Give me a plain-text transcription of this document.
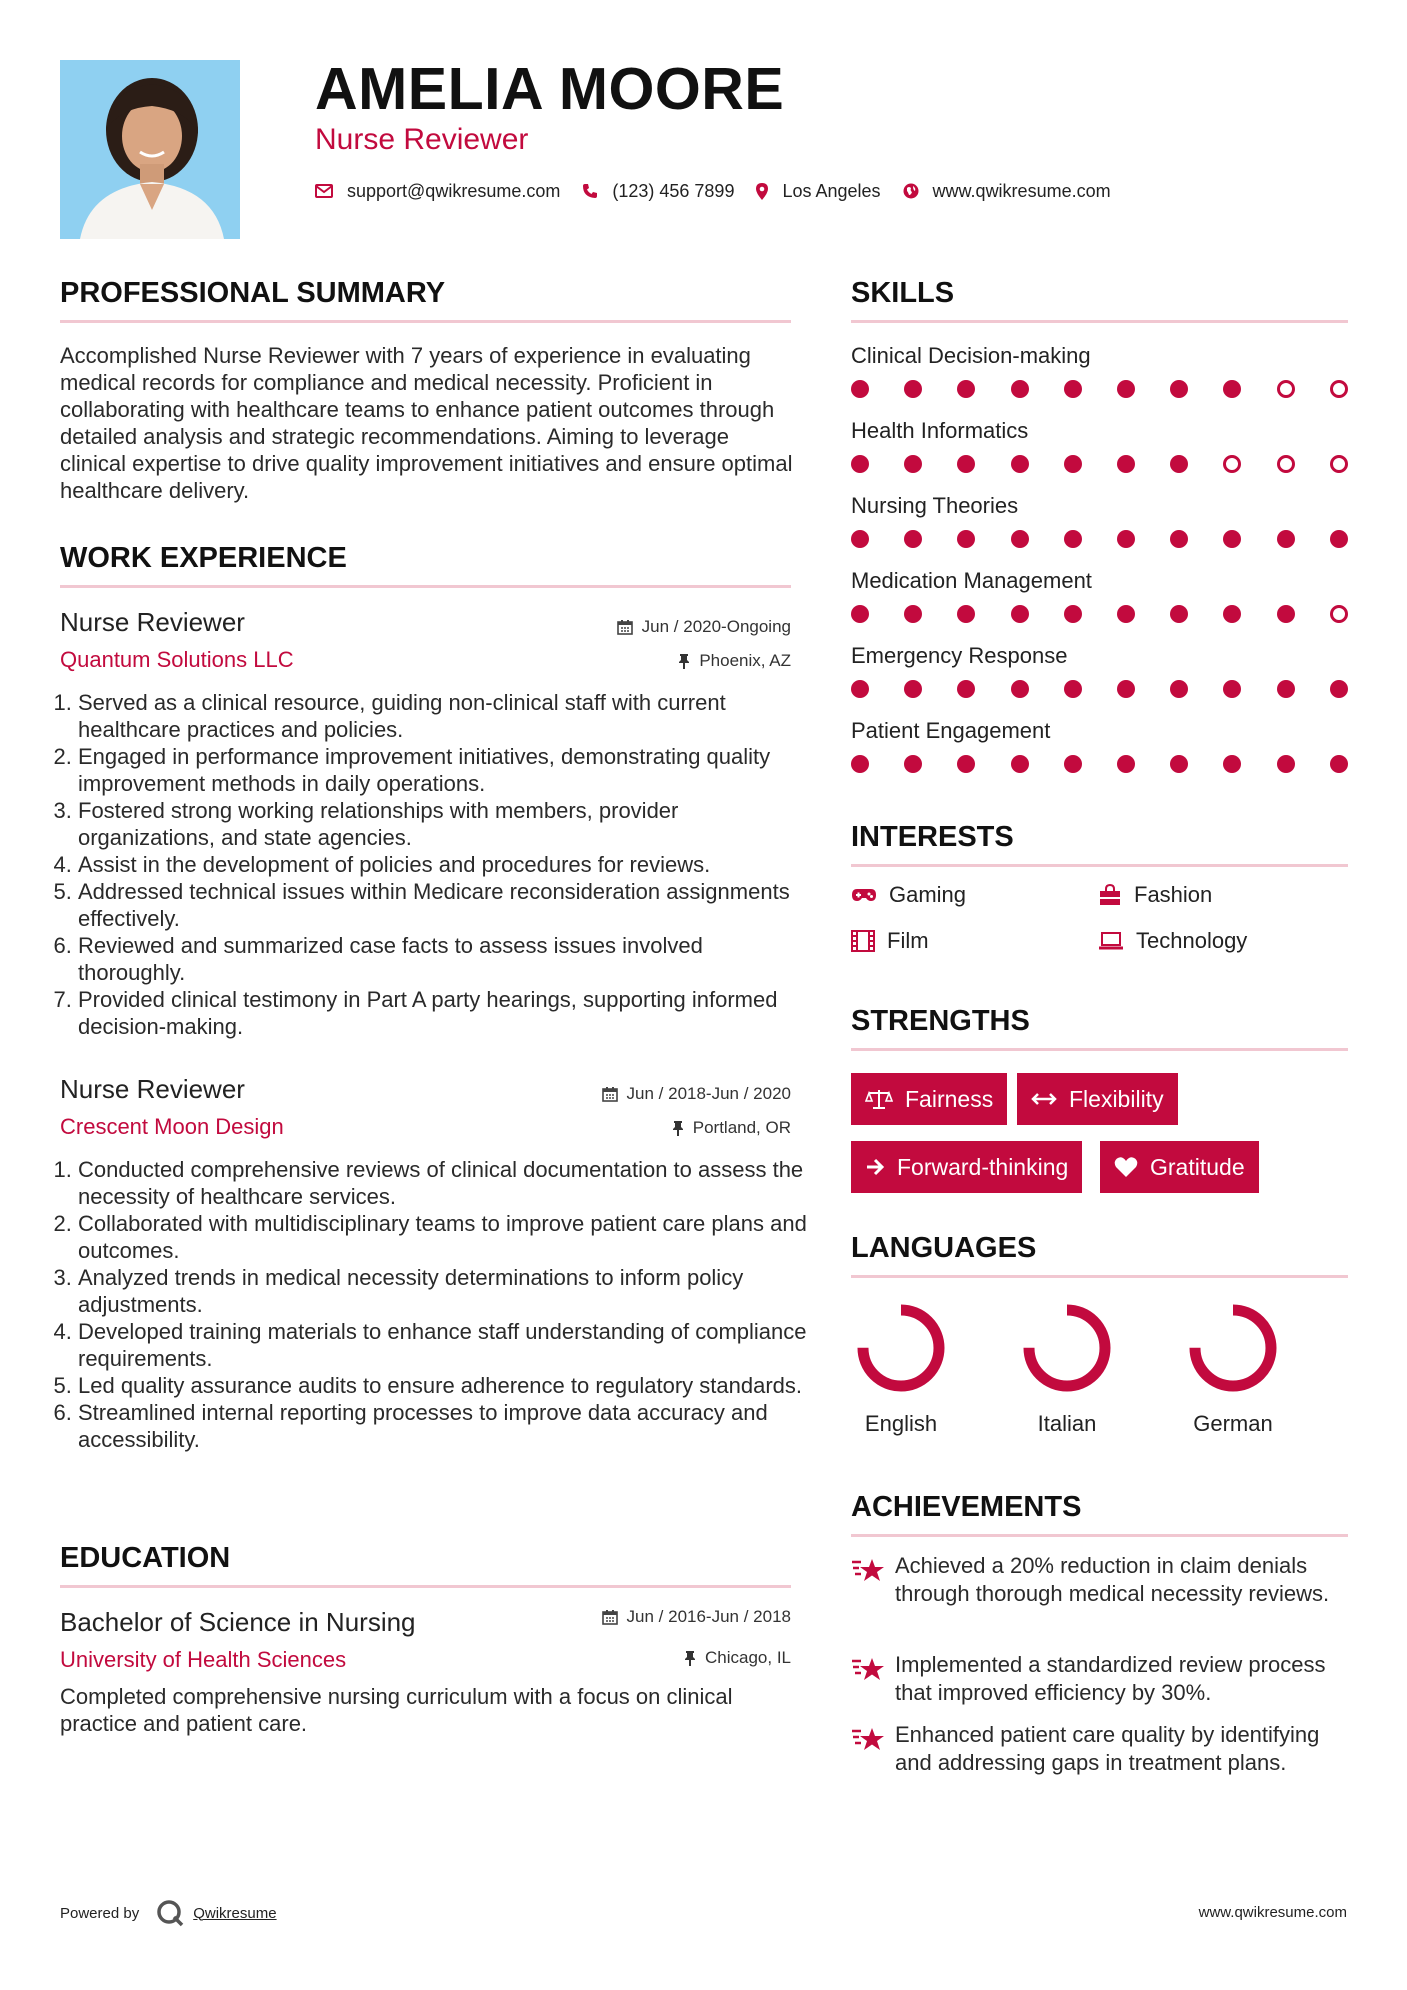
AMELIA MOORE
Nurse Reviewer
support@qwikresume.com	(123) 456 7899	Los Angeles	www.qwikresume.com
PROFESSIONAL SUMMARY
Accomplished Nurse Reviewer with 7 years of experience in evaluating medical records for compliance and medical necessity. Proficient in collaborating with healthcare teams to enhance patient outcomes through detailed analysis and strategic recommendations. Aiming to leverage clinical expertise to drive quality improvement initiatives and ensure optimal healthcare delivery.
WORK EXPERIENCE
Nurse Reviewer	Jun / 2020-Ongoing
Quantum Solutions LLC	Phoenix, AZ
1. Served as a clinical resource, guiding non-clinical staff with current healthcare practices and policies.
2. Engaged in performance improvement initiatives, demonstrating quality improvement methods in daily operations.
3. Fostered strong working relationships with members, provider organizations, and state agencies.
4. Assist in the development of policies and procedures for reviews.
5. Addressed technical issues within Medicare reconsideration assignments effectively.
6. Reviewed and summarized case facts to assess issues involved thoroughly.
7. Provided clinical testimony in Part A party hearings, supporting informed decision-making.
Nurse Reviewer	Jun / 2018-Jun / 2020
Crescent Moon Design	Portland, OR
1. Conducted comprehensive reviews of clinical documentation to assess the necessity of healthcare services.
2. Collaborated with multidisciplinary teams to improve patient care plans and outcomes.
3. Analyzed trends in medical necessity determinations to inform policy adjustments.
4. Developed training materials to enhance staff understanding of compliance requirements.
5. Led quality assurance audits to ensure adherence to regulatory standards.
6. Streamlined internal reporting processes to improve data accuracy and accessibility.
EDUCATION
Bachelor of Science in Nursing	Jun / 2016-Jun / 2018
University of Health Sciences	Chicago, IL
Completed comprehensive nursing curriculum with a focus on clinical practice and patient care.
SKILLS
Clinical Decision-making
Health Informatics
Nursing Theories
Medication Management
Emergency Response
Patient Engagement
INTERESTS
Gaming	Fashion
Film	Technology
STRENGTHS
Fairness	Flexibility
Forward-thinking	Gratitude
LANGUAGES
English	Italian	German
ACHIEVEMENTS
Achieved a 20% reduction in claim denials through thorough medical necessity reviews.
Implemented a standardized review process that improved efficiency by 30%.
Enhanced patient care quality by identifying and addressing gaps in treatment plans.
Powered by	Qwikresume	www.qwikresume.com
